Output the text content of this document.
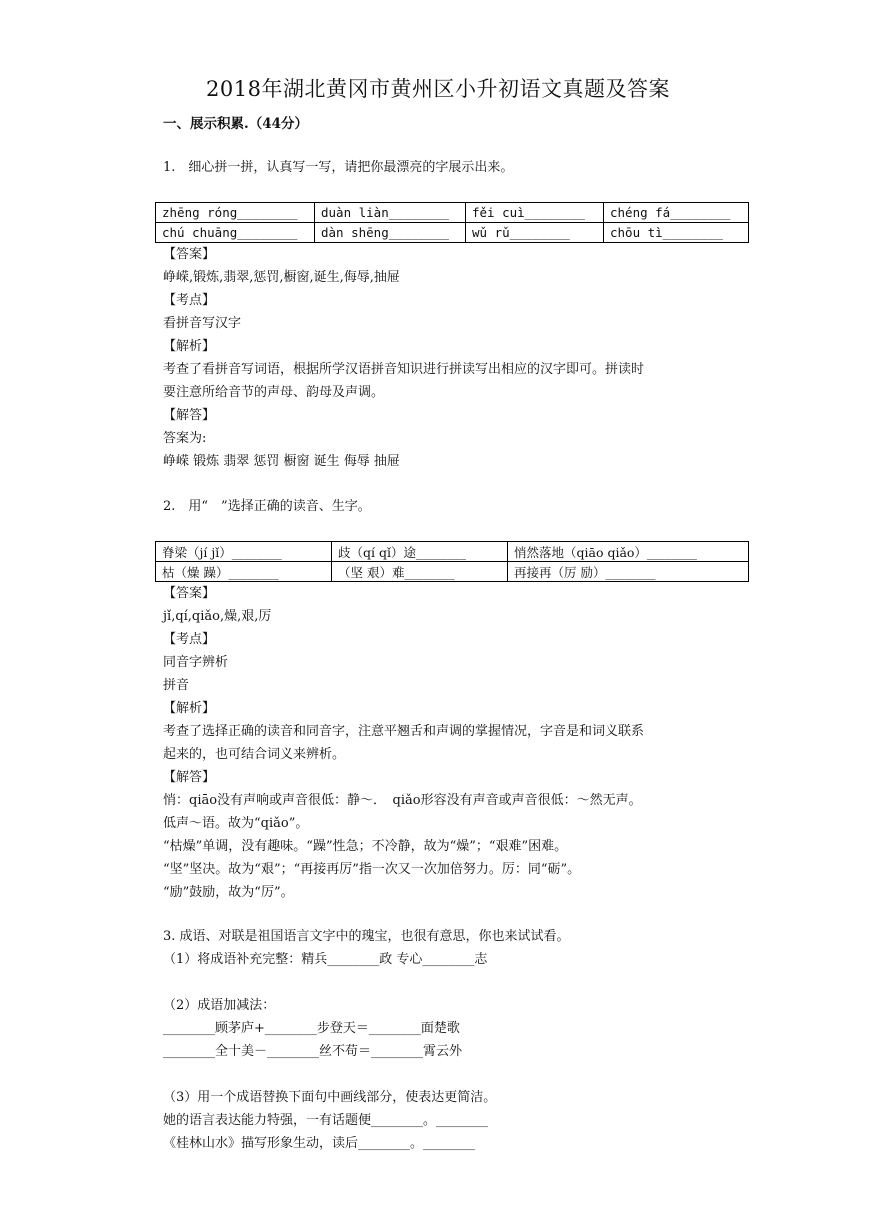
2018年湖北黄冈市黄州区小升初语文真题及答案
一、展示积累.（44分）
1.　细心拼一拼，认真写一写，请把你最漂亮的字展示出来。
zhēng róng________	duàn liàn________	fěi cuì________	chéng fá________
chú chuāng________	dàn shēng________	wǔ rǔ________	chōu tì________
【答案】
峥嵘,锻炼,翡翠,惩罚,橱窗,诞生,侮辱,抽屉
【考点】
看拼音写汉字
【解析】
考查了看拼音写词语，根据所学汉语拼音知识进行拼读写出相应的汉字即可。拼读时
要注意所给音节的声母、韵母及声调。
【解答】
答案为:
峥嵘 锻炼 翡翠 惩罚 橱窗 诞生 侮辱 抽屉
2.　用“　”选择正确的读音、生字。
脊梁（jí jǐ）________	歧（qí qǐ）途________	悄然落地（qiāo qiǎo）________
枯（燥 躁）________	（坚 艰）难________	再接再（厉 励）________
【答案】
jǐ,qí,qiǎo,燥,艰,厉
【考点】
同音字辨析
拼音
【解析】
考查了选择正确的读音和同音字，注意平翘舌和声调的掌握情况，字音是和词义联系
起来的，也可结合词义来辨析。
【解答】
悄：qiāo没有声响或声音很低：静～．　qiǎo形容没有声音或声音很低：～然无声。
低声～语。故为“qiǎo”。
“枯燥”单调，没有趣味。“躁”性急；不冷静，故为“燥”；“艰难”困难。
“坚”坚决。故为“艰”；“再接再厉”指一次又一次加倍努力。厉：同“砺”。
“励”鼓励，故为“厉”。
3. 成语、对联是祖国语言文字中的瑰宝，也很有意思，你也来试试看。
（1）将成语补充完整：精兵________政 专心________志
（2）成语加减法：
________顾茅庐+________步登天＝________面楚歌
________全十美－________丝不苟＝________霄云外
（3）用一个成语替换下面句中画线部分，使表达更简洁。
她的语言表达能力特强，一有话题便________。________
《桂林山水》描写形象生动，读后________。________
